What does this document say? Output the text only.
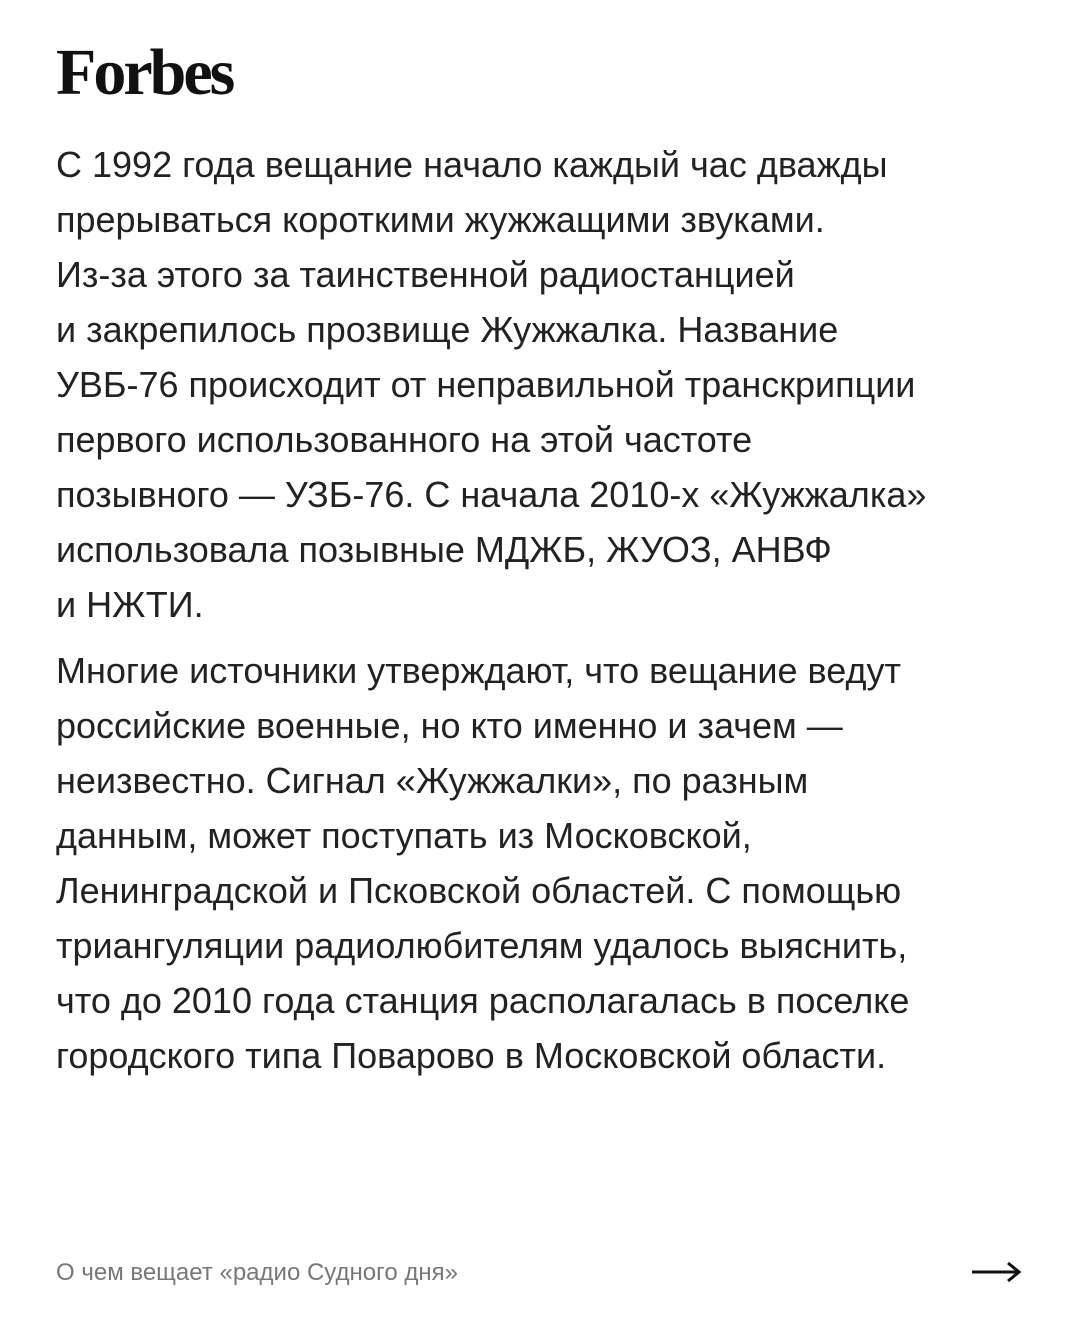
Forbes

С 1992 года вещание начало каждый час дважды
прерываться короткими жужжащими звуками.
Из-за этого за таинственной радиостанцией
и закрепилось прозвище Жужжалка. Название
УВБ-76 происходит от неправильной транскрипции
первого использованного на этой частоте
позывного — УЗБ-76. С начала 2010-х «Жужжалка»
использовала позывные МДЖБ, ЖУОЗ, АНВФ
и НЖТИ.

Многие источники утверждают, что вещание ведут
российские военные, но кто именно и зачем —
неизвестно. Сигнал «Жужжалки», по разным
данным, может поступать из Московской,
Ленинградской и Псковской областей. С помощью
триангуляции радиолюбителям удалось выяснить,
что до 2010 года станция располагалась в поселке
городского типа Поварово в Московской области.

О чем вещает «радио Судного дня»
